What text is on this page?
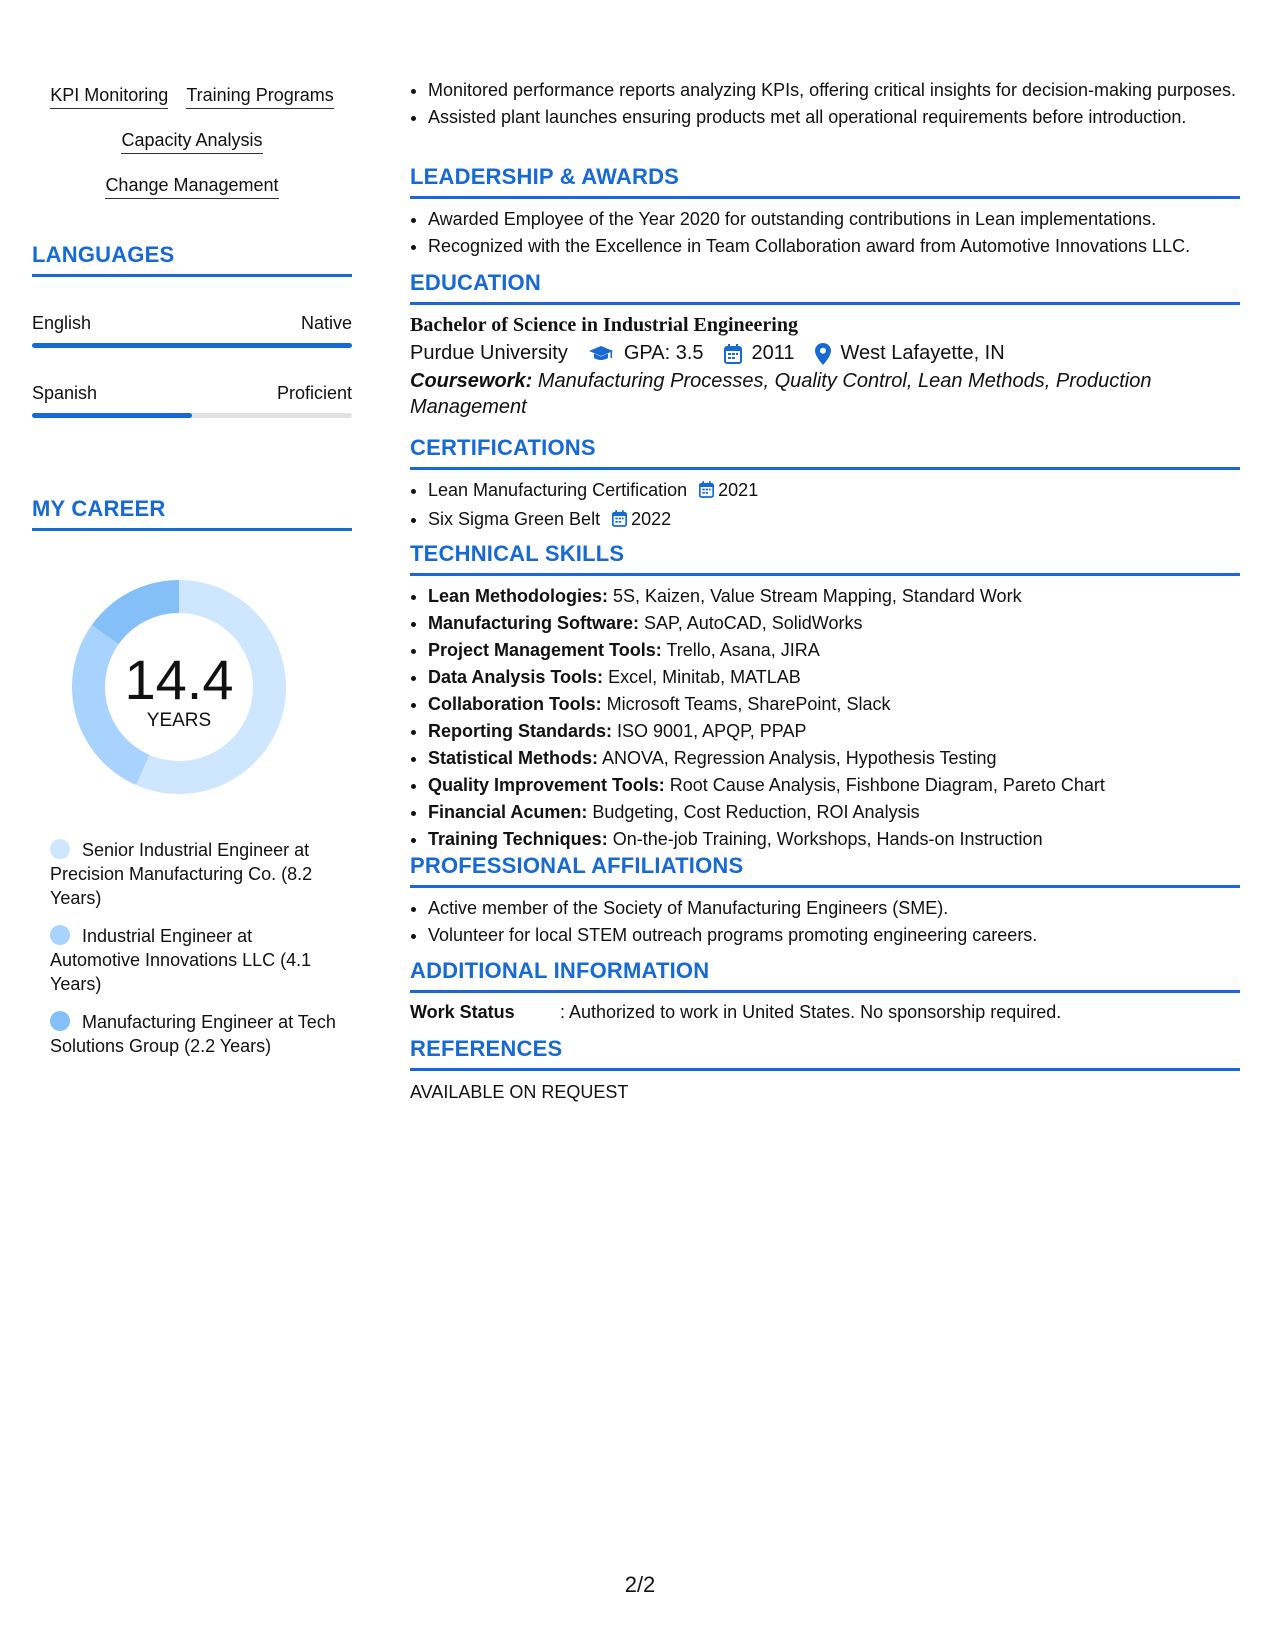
KPI Monitoring Training Programs
Capacity Analysis
Change Management
LANGUAGES
English	Native
Spanish	Proficient
MY CAREER
14.4
YEARS
Senior Industrial Engineer at Precision Manufacturing Co. (8.2 Years)
Industrial Engineer at Automotive Innovations LLC (4.1 Years)
Manufacturing Engineer at Tech Solutions Group (2.2 Years)
• Monitored performance reports analyzing KPIs, offering critical insights for decision-making purposes.
• Assisted plant launches ensuring products met all operational requirements before introduction.
LEADERSHIP & AWARDS
• Awarded Employee of the Year 2020 for outstanding contributions in Lean implementations.
• Recognized with the Excellence in Team Collaboration award from Automotive Innovations LLC.
EDUCATION
Bachelor of Science in Industrial Engineering
Purdue University	GPA: 3.5 2011 West Lafayette, IN
Coursework: Manufacturing Processes, Quality Control, Lean Methods, Production Management
CERTIFICATIONS
• Lean Manufacturing Certification 2021
• Six Sigma Green Belt 2022
TECHNICAL SKILLS
• Lean Methodologies: 5S, Kaizen, Value Stream Mapping, Standard Work
• Manufacturing Software: SAP, AutoCAD, SolidWorks
• Project Management Tools: Trello, Asana, JIRA
• Data Analysis Tools: Excel, Minitab, MATLAB
• Collaboration Tools: Microsoft Teams, SharePoint, Slack
• Reporting Standards: ISO 9001, APQP, PPAP
• Statistical Methods: ANOVA, Regression Analysis, Hypothesis Testing
• Quality Improvement Tools: Root Cause Analysis, Fishbone Diagram, Pareto Chart
• Financial Acumen: Budgeting, Cost Reduction, ROI Analysis
• Training Techniques: On-the-job Training, Workshops, Hands-on Instruction
PROFESSIONAL AFFILIATIONS
• Active member of the Society of Manufacturing Engineers (SME).
• Volunteer for local STEM outreach programs promoting engineering careers.
ADDITIONAL INFORMATION
Work Status	: Authorized to work in United States. No sponsorship required.
REFERENCES
AVAILABLE ON REQUEST
2/2
